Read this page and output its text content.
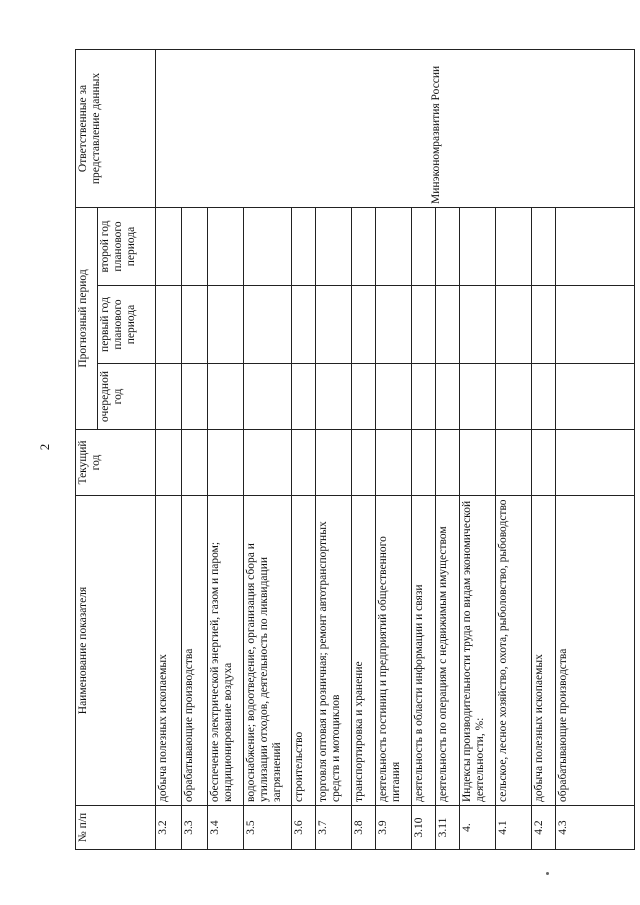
2
№ п/п	Наименование показателя	Текущий год	Прогнозный период			Ответственные за представление данных
			очередной год	первый год планового периода	второй год планового периода	
3.2	добыча полезных ископаемых					Минэкономразвития России
3.3	обрабатывающие производства					
3.4	обеспечение электрической энергией, газом и паром; кондиционирование воздуха					
3.5	водоснабжение; водоотведение, организация сбора и утилизации отходов, деятельность по ликвидации загрязнений					
3.6	строительство					
3.7	торговля оптовая и розничная; ремонт автотранспортных средств и мотоциклов					
3.8	транспортировка и хранение					
3.9	деятельность гостиниц и предприятий общественного питания					
3.10	деятельность в области информации и связи					
3.11	деятельность по операциям с недвижимым имуществом					
4.	Индексы производительности труда по видам экономической деятельности, %:					
4.1	сельское, лесное хозяйство, охота, рыболовство, рыбоводство					
4.2	добыча полезных ископаемых					
4.3	обрабатывающие производства					
